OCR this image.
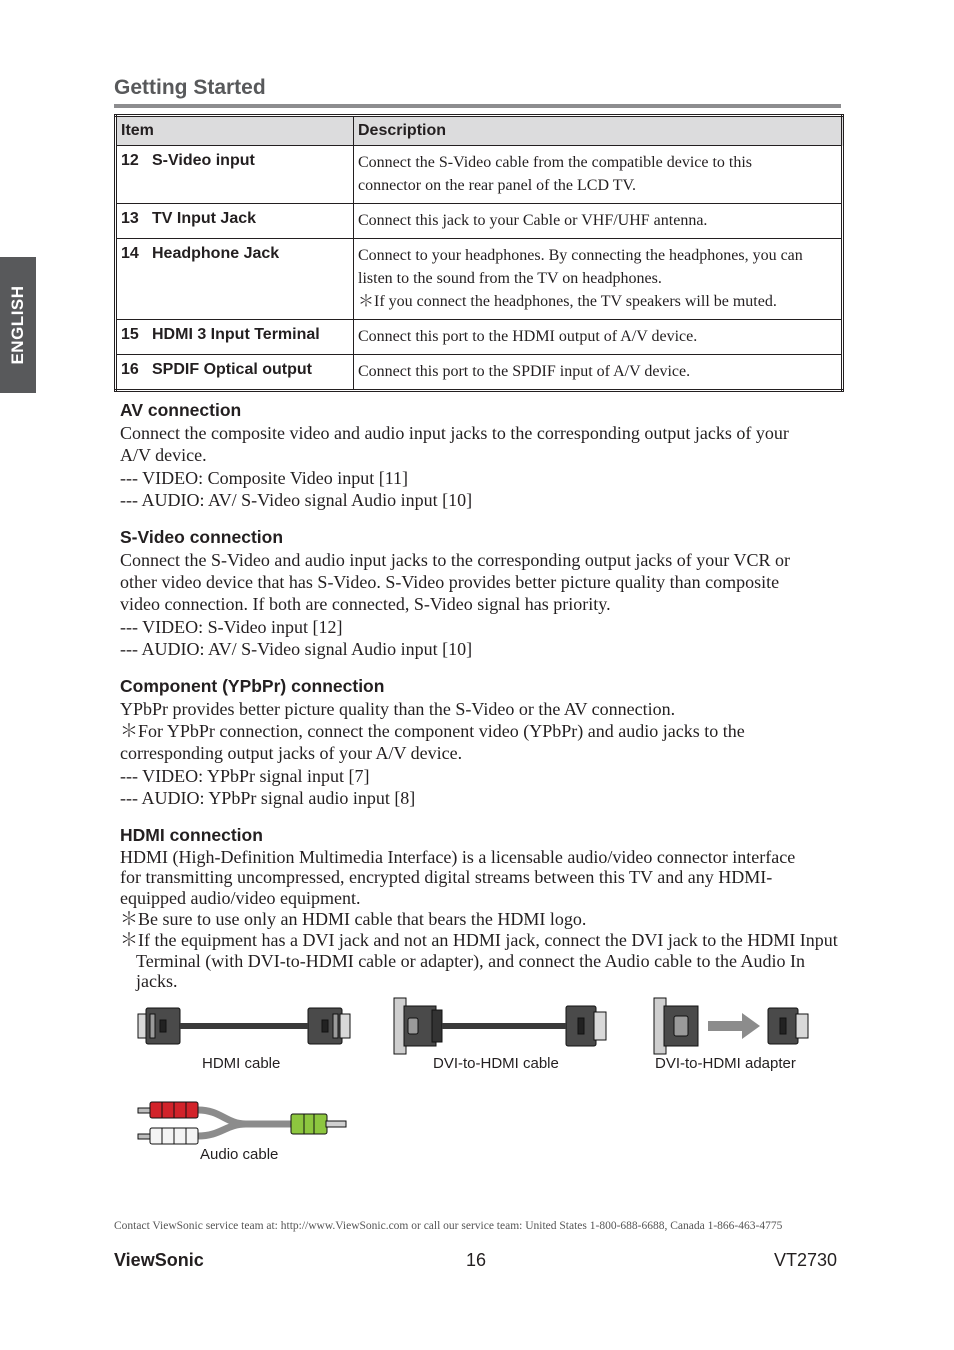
ENGLISH
Getting Started
Item	Description
12 S-Video input	Connect the S-Video cable from the compatible device to this
connector on the rear panel of the LCD TV.

13 TV Input Jack	Connect this jack to your Cable or VHF/UHF antenna.

14 Headphone Jack	Connect to your headphones. By connecting the headphones, you can
listen to the sound from the TV on headphones.
＊If you connect the headphones, the TV speakers will be muted.

15 HDMI 3 Input Terminal	Connect this port to the HDMI output of A/V device.

16 SPDIF Optical output	Connect this port to the SPDIF input of A/V device.
AV connection
Connect the composite video and audio input jacks to the corresponding output jacks of your
A/V device.
--- VIDEO: Composite Video input [11]
--- AUDIO: AV/ S-Video signal Audio input [10]
S-Video connection
Connect the S-Video and audio input jacks to the corresponding output jacks of your VCR or
other video device that has S-Video. S-Video provides better picture quality than composite
video connection. If both are connected, S-Video signal has priority.
--- VIDEO: S-Video input [12]
--- AUDIO: AV/ S-Video signal Audio input [10]
Component (YPbPr) connection
YPbPr provides better picture quality than the S-Video or the AV connection.
＊For YPbPr connection, connect the component video (YPbPr) and audio jacks to the
corresponding output jacks of your A/V device.
--- VIDEO: YPbPr signal input [7]
--- AUDIO: YPbPr signal audio input [8]
HDMI connection
HDMI (High-Definition Multimedia Interface) is a licensable audio/video connector interface
for transmitting uncompressed, encrypted digital streams between this TV and any HDMI-
equipped audio/video equipment.
＊Be sure to use only an HDMI cable that bears the HDMI logo.
＊If the equipment has a DVI jack and not an HDMI jack, connect the DVI jack to the HDMI Input Terminal (with DVI-to-HDMI cable or adapter), and connect the Audio cable to the Audio In jacks.
HDMI cable	DVI-to-HDMI cable	DVI-to-HDMI adapter
Audio cable
Contact ViewSonic service team at: http://www.ViewSonic.com or call our service team: United States 1-800-688-6688, Canada 1-866-463-4775
ViewSonic	16	VT2730
